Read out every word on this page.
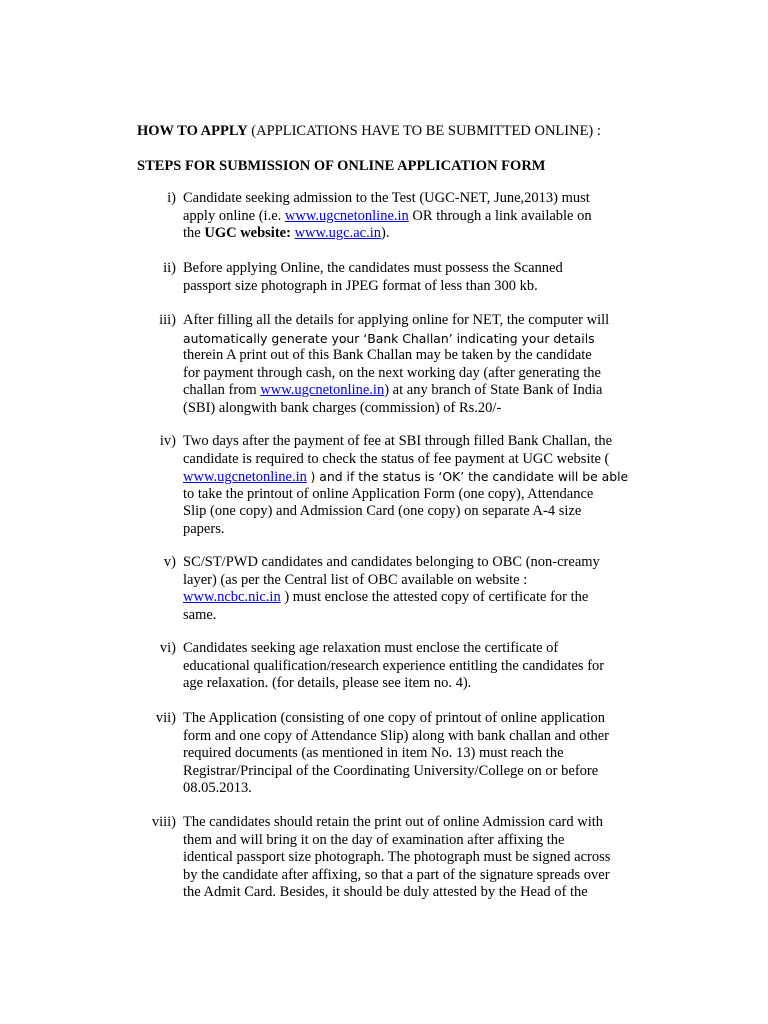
HOW TO APPLY (APPLICATIONS HAVE TO BE SUBMITTED ONLINE) :

STEPS FOR SUBMISSION OF ONLINE APPLICATION FORM

i) Candidate seeking admission to the Test (UGC-NET, June,2013) must
apply online (i.e. www.ugcnetonline.in OR through a link available on
the UGC website: www.ugc.ac.in).
ii) Before applying Online, the candidates must possess the Scanned
passport size photograph in JPEG format of less than 300 kb.
iii) After filling all the details for applying online for NET, the computer will
automatically generate your ‘Bank Challan’ indicating your details
therein A print out of this Bank Challan may be taken by the candidate
for payment through cash, on the next working day (after generating the
challan from www.ugcnetonline.in) at any branch of State Bank of India
(SBI) alongwith bank charges (commission) of Rs.20/-
iv) Two days after the payment of fee at SBI through filled Bank Challan, the
candidate is required to check the status of fee payment at UGC website (
www.ugcnetonline.in ) and if the status is ‘OK’ the candidate will be able
to take the printout of online Application Form (one copy), Attendance
Slip (one copy) and Admission Card (one copy) on separate A-4 size
papers.
v) SC/ST/PWD candidates and candidates belonging to OBC (non-creamy
layer) (as per the Central list of OBC available on website :
www.ncbc.nic.in ) must enclose the attested copy of certificate for the
same.
vi) Candidates seeking age relaxation must enclose the certificate of
educational qualification/research experience entitling the candidates for
age relaxation. (for details, please see item no. 4).
vii) The Application (consisting of one copy of printout of online application
form and one copy of Attendance Slip) along with bank challan and other
required documents (as mentioned in item No. 13) must reach the
Registrar/Principal of the Coordinating University/College on or before
08.05.2013.
viii) The candidates should retain the print out of online Admission card with
them and will bring it on the day of examination after affixing the
identical passport size photograph. The photograph must be signed across
by the candidate after affixing, so that a part of the signature spreads over
the Admit Card. Besides, it should be duly attested by the Head of the
